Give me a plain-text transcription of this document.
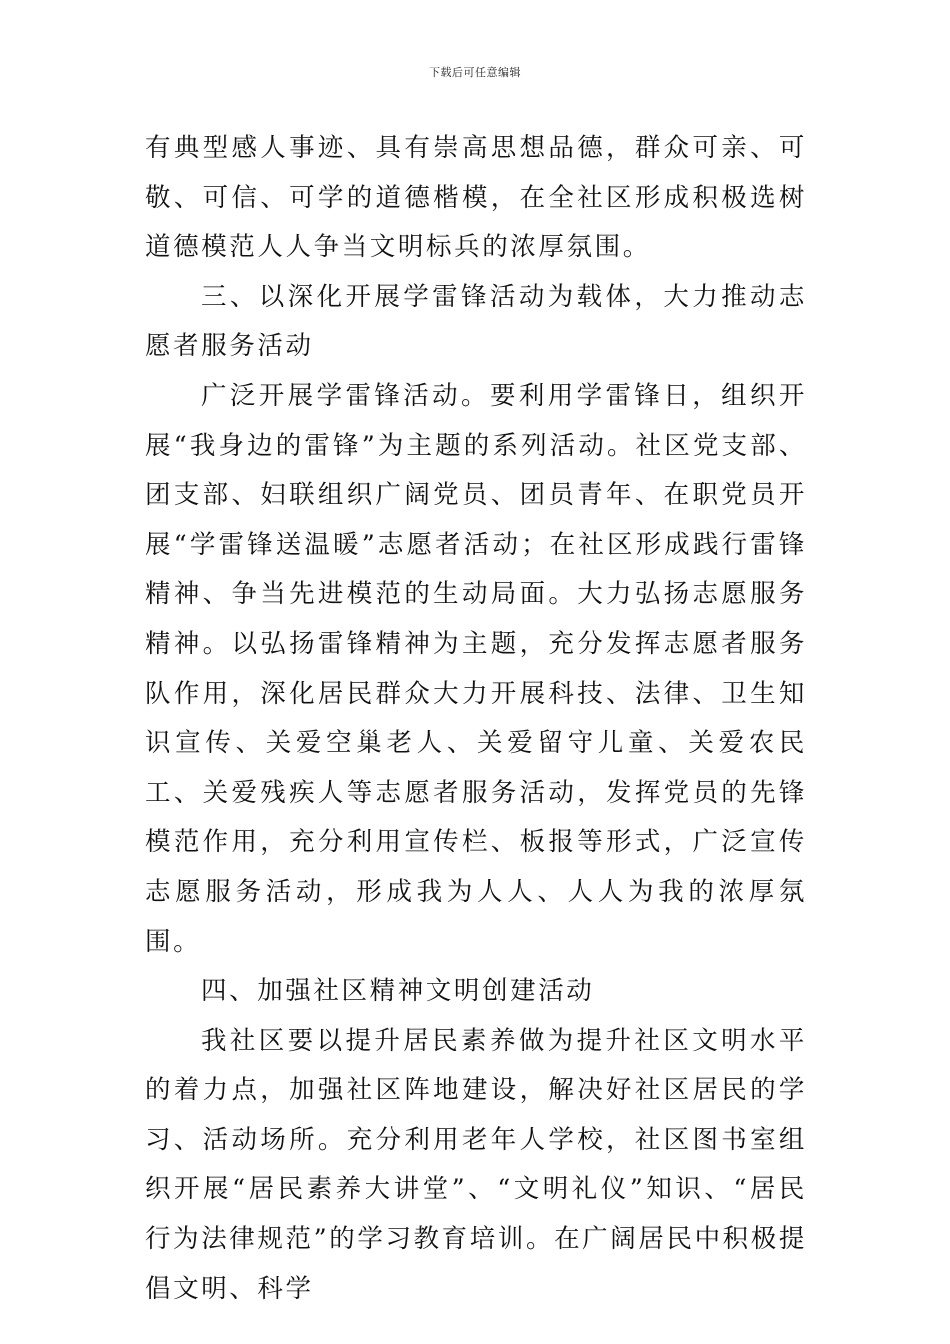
下载后可任意编辑

有典型感人事迹、具有崇高思想品德，群众可亲、可敬、可信、可学的道德楷模，在全社区形成积极选树道德模范人人争当文明标兵的浓厚氛围。

三、以深化开展学雷锋活动为载体，大力推动志愿者服务活动

广泛开展学雷锋活动。要利用学雷锋日，组织开展“我身边的雷锋”为主题的系列活动。社区党支部、团支部、妇联组织广阔党员、团员青年、在职党员开展“学雷锋送温暖”志愿者活动；在社区形成践行雷锋精神、争当先进模范的生动局面。大力弘扬志愿服务精神。以弘扬雷锋精神为主题，充分发挥志愿者服务队作用，深化居民群众大力开展科技、法律、卫生知识宣传、关爱空巢老人、关爱留守儿童、关爱农民工、关爱残疾人等志愿者服务活动，发挥党员的先锋模范作用，充分利用宣传栏、板报等形式，广泛宣传志愿服务活动，形成我为人人、人人为我的浓厚氛围。

四、加强社区精神文明创建活动

我社区要以提升居民素养做为提升社区文明水平的着力点，加强社区阵地建设，解决好社区居民的学习、活动场所。充分利用老年人学校，社区图书室组织开展“居民素养大讲堂”、“文明礼仪”知识、“居民行为法律规范”的学习教育培训。在广阔居民中积极提倡文明、科学
